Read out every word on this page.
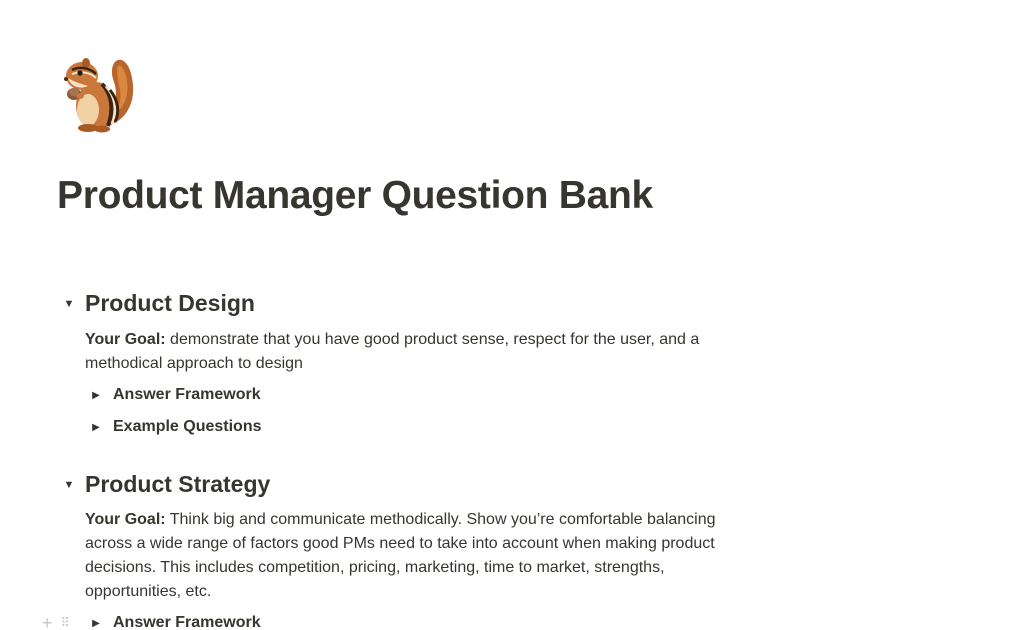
Product Manager Question Bank
▼ Product Design
Your Goal: demonstrate that you have good product sense, respect for the user, and a methodical approach to design
▶ Answer Framework
▶ Example Questions
▼ Product Strategy
Your Goal: Think big and communicate methodically. Show you’re comfortable balancing across a wide range of factors good PMs need to take into account when making product decisions. This includes competition, pricing, marketing, time to market, strengths, opportunities, etc.
+ ⠿	▶ Answer Framework
